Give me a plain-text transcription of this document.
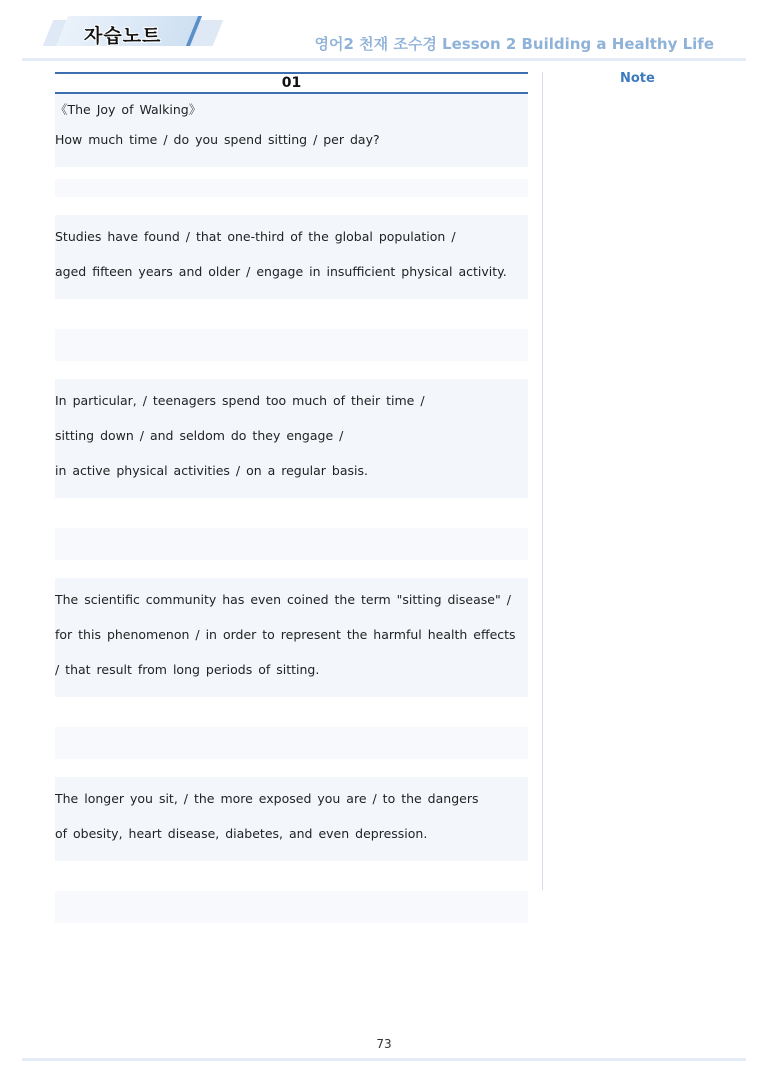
자습노트	영어2 천재 조수경 Lesson 2 Building a Healthy Life
01

《The Joy of Walking》

How much time / do you spend sitting / per day?

Studies have found / that one-third of the global population /

aged fifteen years and older / engage in insufficient physical activity.

In particular, / teenagers spend too much of their time /

sitting down / and seldom do they engage /

in active physical activities / on a regular basis.

The scientific community has even coined the term "sitting disease" /

for this phenomenon / in order to represent the harmful health effects

/ that result from long periods of sitting.

The longer you sit, / the more exposed you are / to the dangers

of obesity, heart disease, diabetes, and even depression.

Note
73
